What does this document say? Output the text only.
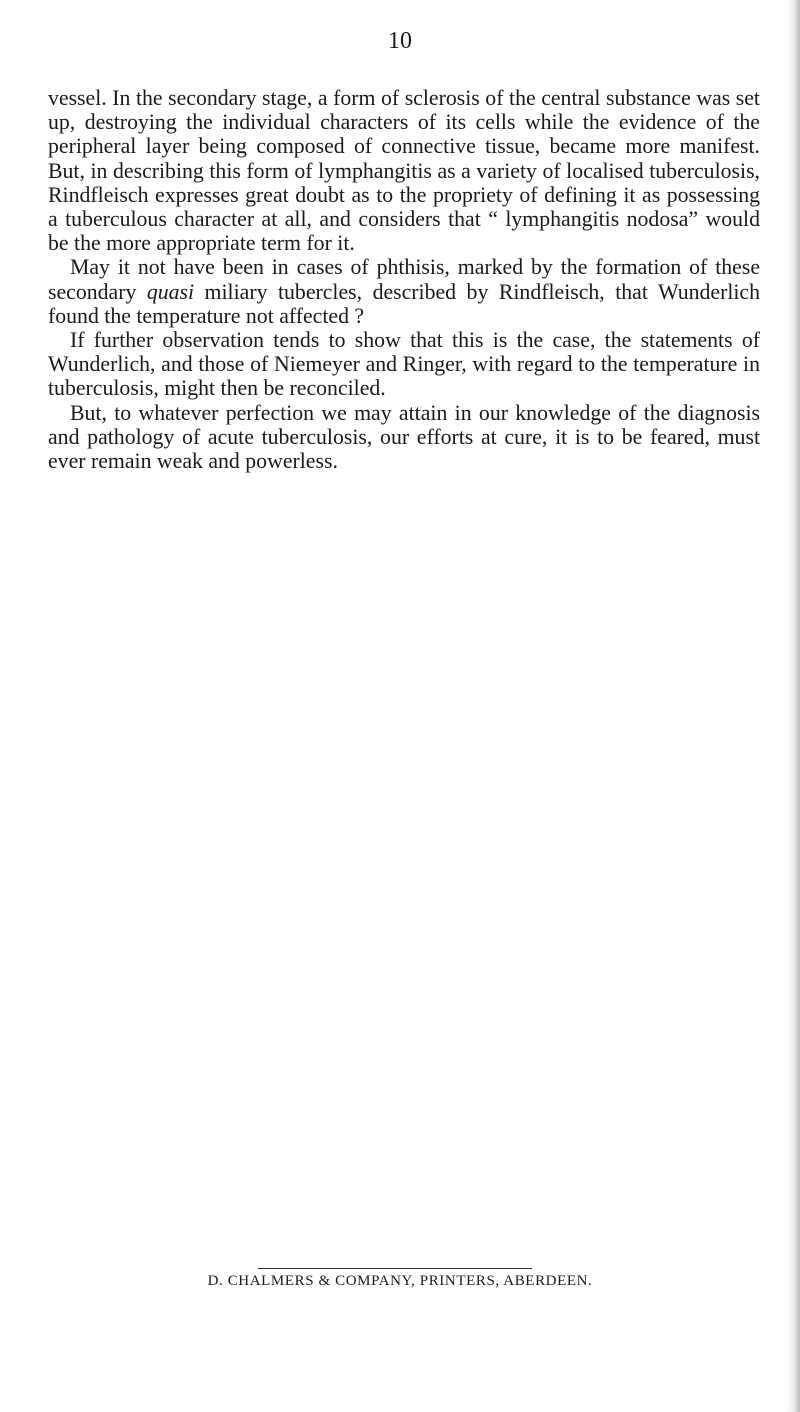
10

vessel. In the secondary stage, a form of sclerosis of the central substance was set up, destroying the individual characters of its cells while the evidence of the peripheral layer being composed of connective tissue, became more manifest. But, in describing this form of lymphangitis as a variety of localised tuberculosis, Rindfleisch expresses great doubt as to the propriety of defining it as possessing a tuberculous character at all, and considers that “ lymphangitis nodosa” would be the more appropriate term for it.

May it not have been in cases of phthisis, marked by the formation of these secondary quasi miliary tubercles, described by Rindfleisch, that Wunderlich found the temperature not affected ?

If further observation tends to show that this is the case, the statements of Wunderlich, and those of Niemeyer and Ringer, with regard to the temperature in tuberculosis, might then be reconciled.

But, to whatever perfection we may attain in our knowledge of the diagnosis and pathology of acute tuberculosis, our efforts at cure, it is to be feared, must ever remain weak and powerless.

D. CHALMERS & COMPANY, PRINTERS, ABERDEEN.
